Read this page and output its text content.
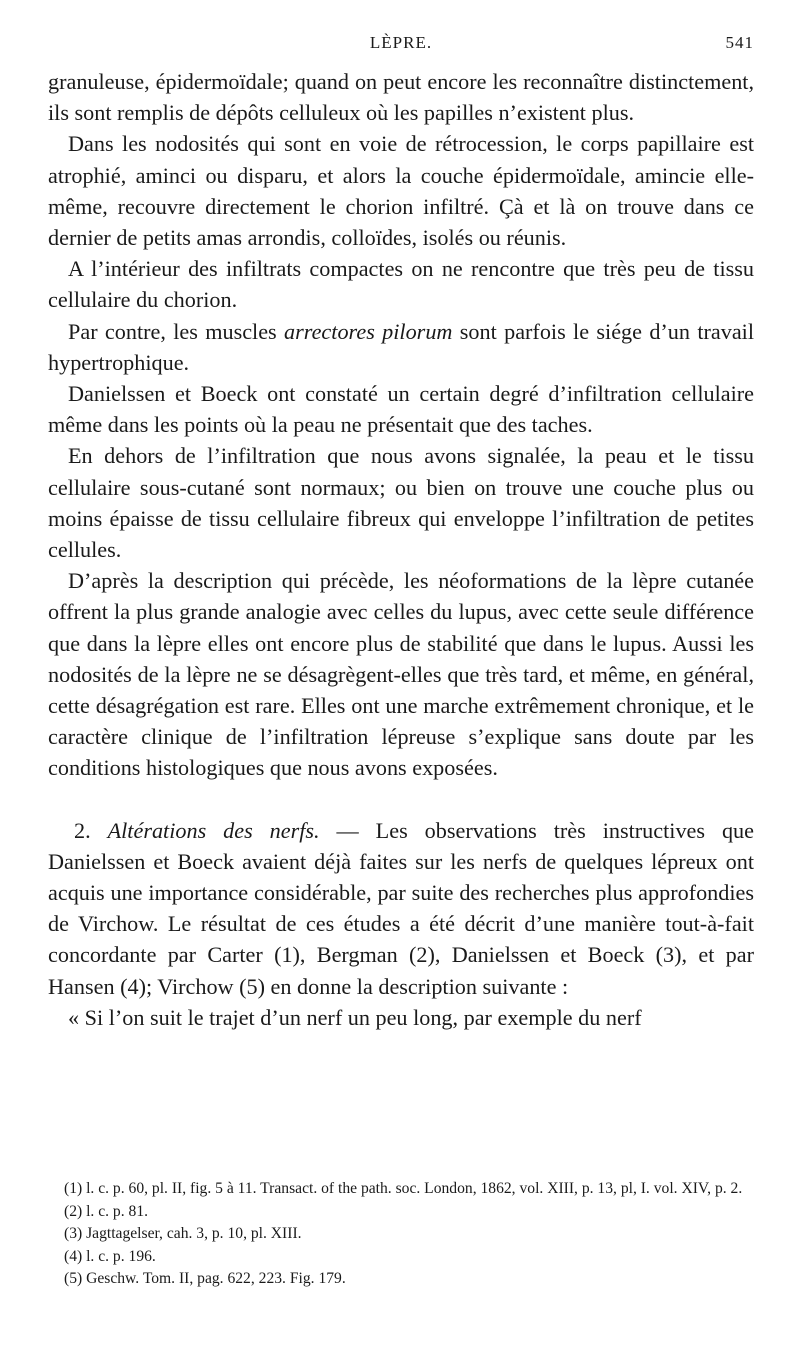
LÈPRE.	541

granuleuse, épidermoïdale; quand on peut encore les reconnaître distinctement, ils sont remplis de dépôts celluleux où les papilles n’existent plus.

Dans les nodosités qui sont en voie de rétrocession, le corps papillaire est atrophié, aminci ou disparu, et alors la couche épidermoïdale, amincie elle-même, recouvre directement le chorion infiltré. Çà et là on trouve dans ce dernier de petits amas arrondis, colloïdes, isolés ou réunis.

A l’intérieur des infiltrats compactes on ne rencontre que très peu de tissu cellulaire du chorion.

Par contre, les muscles arrectores pilorum sont parfois le siége d’un travail hypertrophique.

Danielssen et Boeck ont constaté un certain degré d’infiltration cellulaire même dans les points où la peau ne présentait que des taches.

En dehors de l’infiltration que nous avons signalée, la peau et le tissu cellulaire sous-cutané sont normaux; ou bien on trouve une couche plus ou moins épaisse de tissu cellulaire fibreux qui enveloppe l’infiltration de petites cellules.

D’après la description qui précède, les néoformations de la lèpre cutanée offrent la plus grande analogie avec celles du lupus, avec cette seule différence que dans la lèpre elles ont encore plus de stabilité que dans le lupus. Aussi les nodosités de la lèpre ne se désagrègent-elles que très tard, et même, en général, cette désagrégation est rare. Elles ont une marche extrêmement chronique, et le caractère clinique de l’infiltration lépreuse s’explique sans doute par les conditions histologiques que nous avons exposées.

2. Altérations des nerfs. — Les observations très instructives que Danielssen et Boeck avaient déjà faites sur les nerfs de quelques lépreux ont acquis une importance considérable, par suite des recherches plus approfondies de Virchow. Le résultat de ces études a été décrit d’une manière tout-à-fait concordante par Carter (1), Bergman (2), Danielssen et Boeck (3), et par Hansen (4); Virchow (5) en donne la description suivante :

« Si l’on suit le trajet d’un nerf un peu long, par exemple du nerf

(1) l. c. p. 60, pl. II, fig. 5 à 11. Transact. of the path. soc. London, 1862, vol. XIII, p. 13, pl, I. vol. XIV, p. 2.

(2) l. c. p. 81.

(3) Jagttagelser, cah. 3, p. 10, pl. XIII.

(4) l. c. p. 196.

(5) Geschw. Tom. II, pag. 622, 223. Fig. 179.
